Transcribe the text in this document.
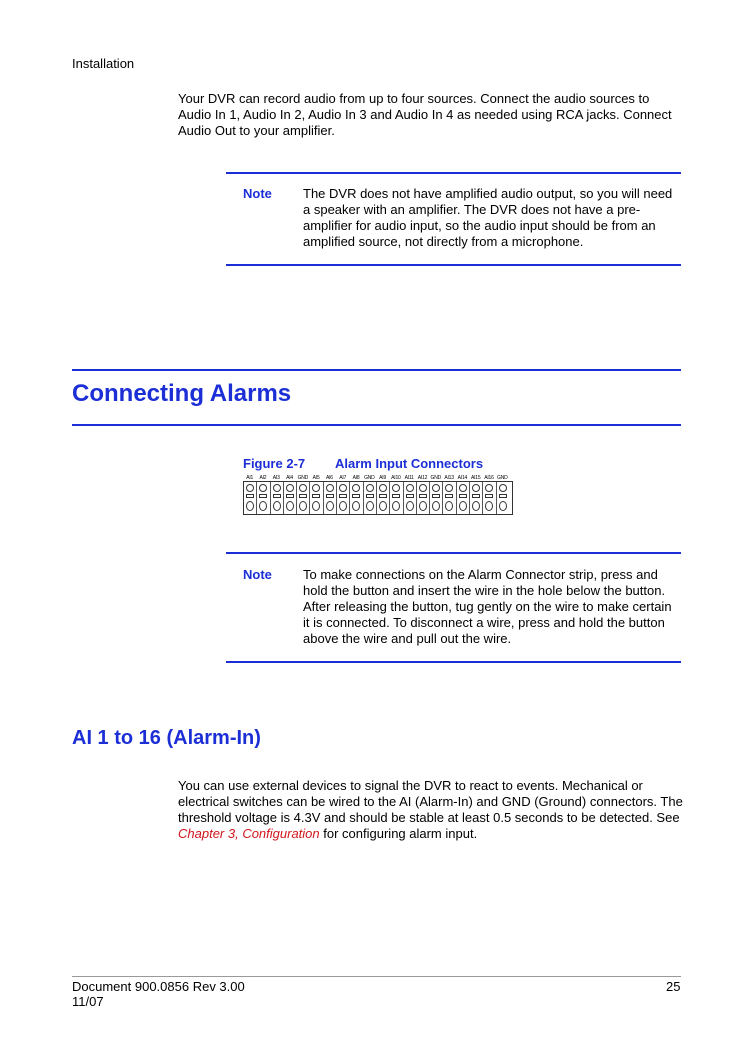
Installation
Your DVR can record audio from up to four sources. Connect the audio sources to Audio In 1, Audio In 2, Audio In 3 and Audio In 4 as needed using RCA jacks. Connect Audio Out to your amplifier.
Note The DVR does not have amplified audio output, so you will need a speaker with an amplifier. The DVR does not have a pre-amplifier for audio input, so the audio input should be from an amplified source, not directly from a microphone.
Connecting Alarms
Figure 2-7 Alarm Input Connectors
AI1	AI2	AI3	AI4 GND AI5	AI6	AI7	AI8 GND AI9	AI10 AI11 AI12 GND AI13 AI14 AI15 AI16 GND
Note To make connections on the Alarm Connector strip, press and hold the button and insert the wire in the hole below the button. After releasing the button, tug gently on the wire to make certain it is connected. To disconnect a wire, press and hold the button above the wire and pull out the wire.
AI 1 to 16 (Alarm-In)
You can use external devices to signal the DVR to react to events. Mechanical or electrical switches can be wired to the AI (Alarm-In) and GND (Ground) connectors. The threshold voltage is 4.3V and should be stable at least 0.5 seconds to be detected. See Chapter 3, Configuration for configuring alarm input.
Document 900.0856 Rev 3.00
11/07
25
